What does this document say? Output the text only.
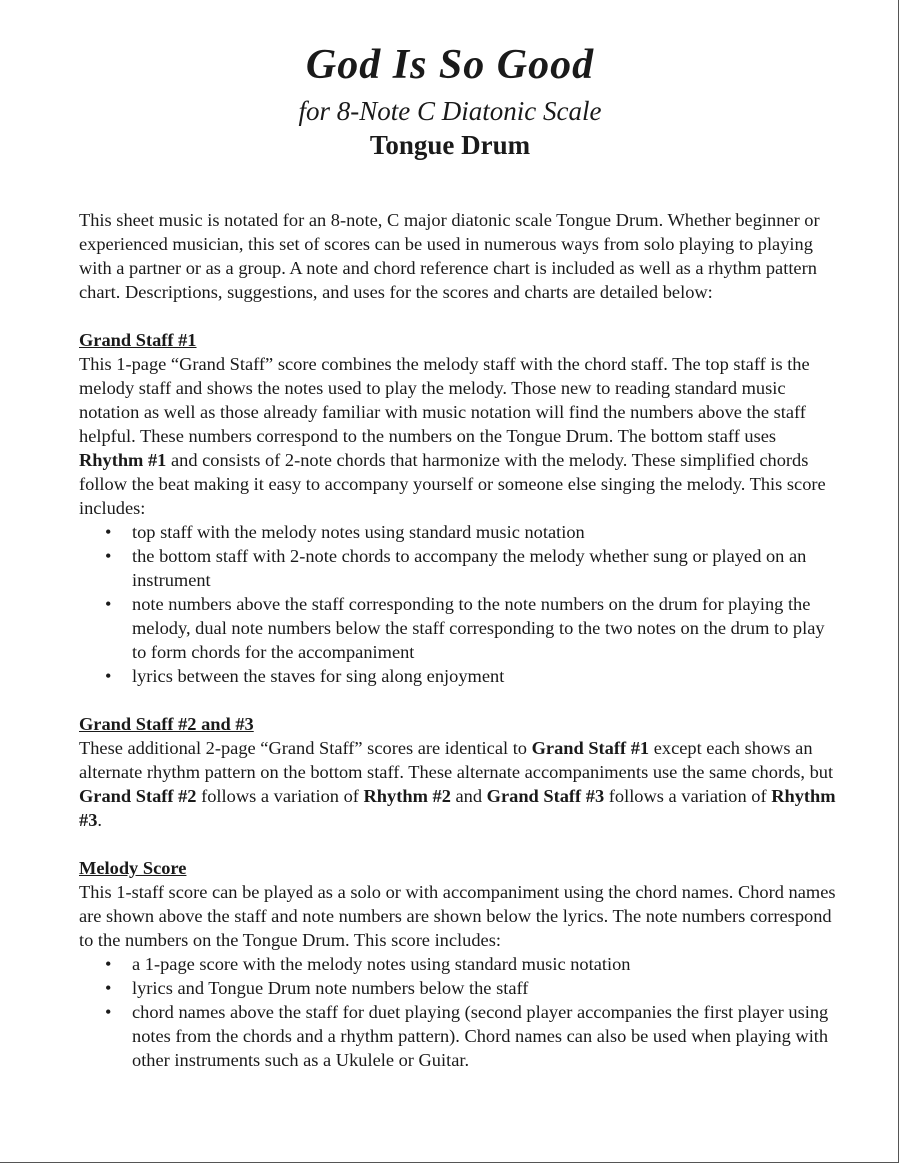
God Is So Good
for 8-Note C Diatonic Scale
Tongue Drum

This sheet music is notated for an 8-note, C major diatonic scale Tongue Drum. Whether beginner or experienced musician, this set of scores can be used in numerous ways from solo playing to playing with a partner or as a group. A note and chord reference chart is included as well as a rhythm pattern chart. Descriptions, suggestions, and uses for the scores and charts are detailed below:

Grand Staff #1

This 1-page “Grand Staff” score combines the melody staff with the chord staff. The top staff is the melody staff and shows the notes used to play the melody. Those new to reading standard music notation as well as those already familiar with music notation will find the numbers above the staff helpful. These numbers correspond to the numbers on the Tongue Drum. The bottom staff uses Rhythm #1 and consists of 2-note chords that harmonize with the melody. These simplified chords follow the beat making it easy to accompany yourself or someone else singing the melody. This score includes:

• top staff with the melody notes using standard music notation
• the bottom staff with 2-note chords to accompany the melody whether sung or played on an instrument
• note numbers above the staff corresponding to the note numbers on the drum for playing the melody, dual note numbers below the staff corresponding to the two notes on the drum to play to form chords for the accompaniment
• lyrics between the staves for sing along enjoyment
Grand Staff #2 and #3

These additional 2-page “Grand Staff” scores are identical to Grand Staff #1 except each shows an alternate rhythm pattern on the bottom staff. These alternate accompaniments use the same chords, but Grand Staff #2 follows a variation of Rhythm #2 and Grand Staff #3 follows a variation of Rhythm #3.

Melody Score

This 1-staff score can be played as a solo or with accompaniment using the chord names. Chord names are shown above the staff and note numbers are shown below the lyrics. The note numbers correspond to the numbers on the Tongue Drum. This score includes:

• a 1-page score with the melody notes using standard music notation
• lyrics and Tongue Drum note numbers below the staff
• chord names above the staff for duet playing (second player accompanies the first player using notes from the chords and a rhythm pattern). Chord names can also be used when playing with other instruments such as a Ukulele or Guitar.
